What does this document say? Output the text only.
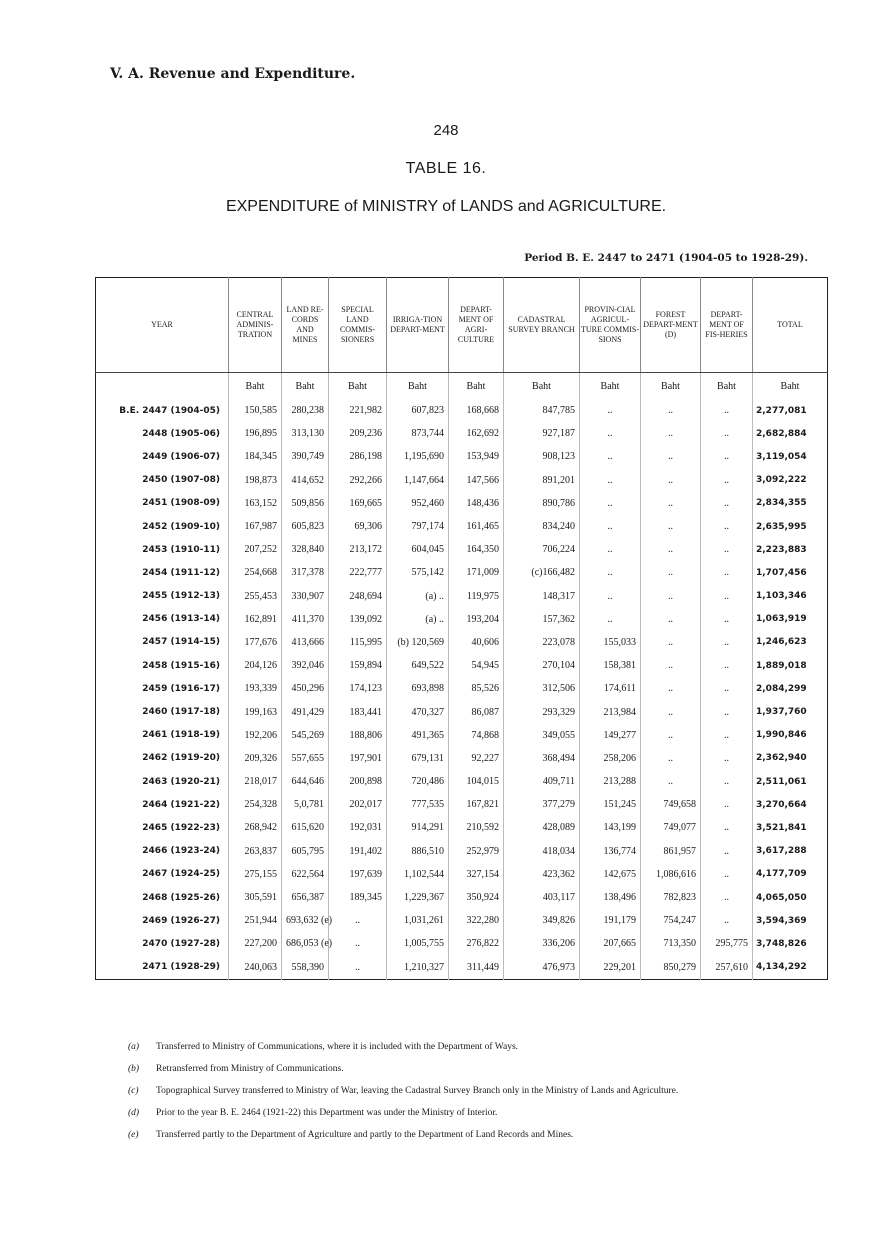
V. A. Revenue and Expenditure.
248
TABLE 16.
EXPENDITURE of MINISTRY of LANDS and AGRICULTURE.
Period B. E. 2447 to 2471 (1904-05 to 1928-29).
YEAR	CENTRAL ADMINIS-TRATION	LAND RE-CORDS AND MINES	SPECIAL LAND COMMIS-SIONERS	IRRIGA-TION DEPART-MENT	DEPART-MENT OF AGRI-CULTURE	CADASTRAL SURVEY BRANCH	PROVIN-CIAL AGRICUL-TURE COMMIS-SIONS	FOREST DEPART-MENT (D)	DEPART-MENT OF FIS-HERIES	TOTAL
	Baht	Baht	Baht	Baht	Baht	Baht	Baht	Baht	Baht	Baht
B.E. 2447 (1904-05)	150,585	280,238	221,982	607,823	168,668	847,785	..	..	..	2,277,081
2448 (1905-06)	196,895	313,130	209,236	873,744	162,692	927,187	..	..	..	2,682,884
2449 (1906-07)	184,345	390,749	286,198	1,195,690	153,949	908,123	..	..	..	3,119,054
2450 (1907-08)	198,873	414,652	292,266	1,147,664	147,566	891,201	..	..	..	3,092,222
2451 (1908-09)	163,152	509,856	169,665	952,460	148,436	890,786	..	..	..	2,834,355
2452 (1909-10)	167,987	605,823	69,306	797,174	161,465	834,240	..	..	..	2,635,995
2453 (1910-11)	207,252	328,840	213,172	604,045	164,350	706,224	..	..	..	2,223,883
2454 (1911-12)	254,668	317,378	222,777	575,142	171,009	(c)166,482	..	..	..	1,707,456
2455 (1912-13)	255,453	330,907	248,694	(a) ..	119,975	148,317	..	..	..	1,103,346
2456 (1913-14)	162,891	411,370	139,092	(a) ..	193,204	157,362	..	..	..	1,063,919
2457 (1914-15)	177,676	413,666	115,995	(b) 120,569	40,606	223,078	155,033	..	..	1,246,623
2458 (1915-16)	204,126	392,046	159,894	649,522	54,945	270,104	158,381	..	..	1,889,018
2459 (1916-17)	193,339	450,296	174,123	693,898	85,526	312,506	174,611	..	..	2,084,299
2460 (1917-18)	199,163	491,429	183,441	470,327	86,087	293,329	213,984	..	..	1,937,760
2461 (1918-19)	192,206	545,269	188,806	491,365	74,868	349,055	149,277	..	..	1,990,846
2462 (1919-20)	209,326	557,655	197,901	679,131	92,227	368,494	258,206	..	..	2,362,940
2463 (1920-21)	218,017	644,646	200,898	720,486	104,015	409,711	213,288	..	..	2,511,061
2464 (1921-22)	254,328	5,0,781	202,017	777,535	167,821	377,279	151,245	749,658	..	3,270,664
2465 (1922-23)	268,942	615,620	192,031	914,291	210,592	428,089	143,199	749,077	..	3,521,841
2466 (1923-24)	263,837	605,795	191,402	886,510	252,979	418,034	136,774	861,957	..	3,617,288
2467 (1924-25)	275,155	622,564	197,639	1,102,544	327,154	423,362	142,675	1,086,616	..	4,177,709
2468 (1925-26)	305,591	656,387	189,345	1,229,367	350,924	403,117	138,496	782,823	..	4,065,050
2469 (1926-27)	251,944	693,632 (e)	..	1,031,261	322,280	349,826	191,179	754,247	..	3,594,369
2470 (1927-28)	227,200	686,053 (e)	..	1,005,755	276,822	336,206	207,665	713,350	295,775	3,748,826
2471 (1928-29)	240,063	558,390	..	1,210,327	311,449	476,973	229,201	850,279	257,610	4,134,292
(a)	Transferred to Ministry of Communications, where it is included with the Department of Ways.
(b)	Retransferred from Ministry of Communications.
(c)	Topographical Survey transferred to Ministry of War, leaving the Cadastral Survey Branch only in the Ministry of Lands and Agriculture.
(d)	Prior to the year B. E. 2464 (1921-22) this Department was under the Ministry of Interior.
(e)	Transferred partly to the Department of Agriculture and partly to the Department of Land Records and Mines.
